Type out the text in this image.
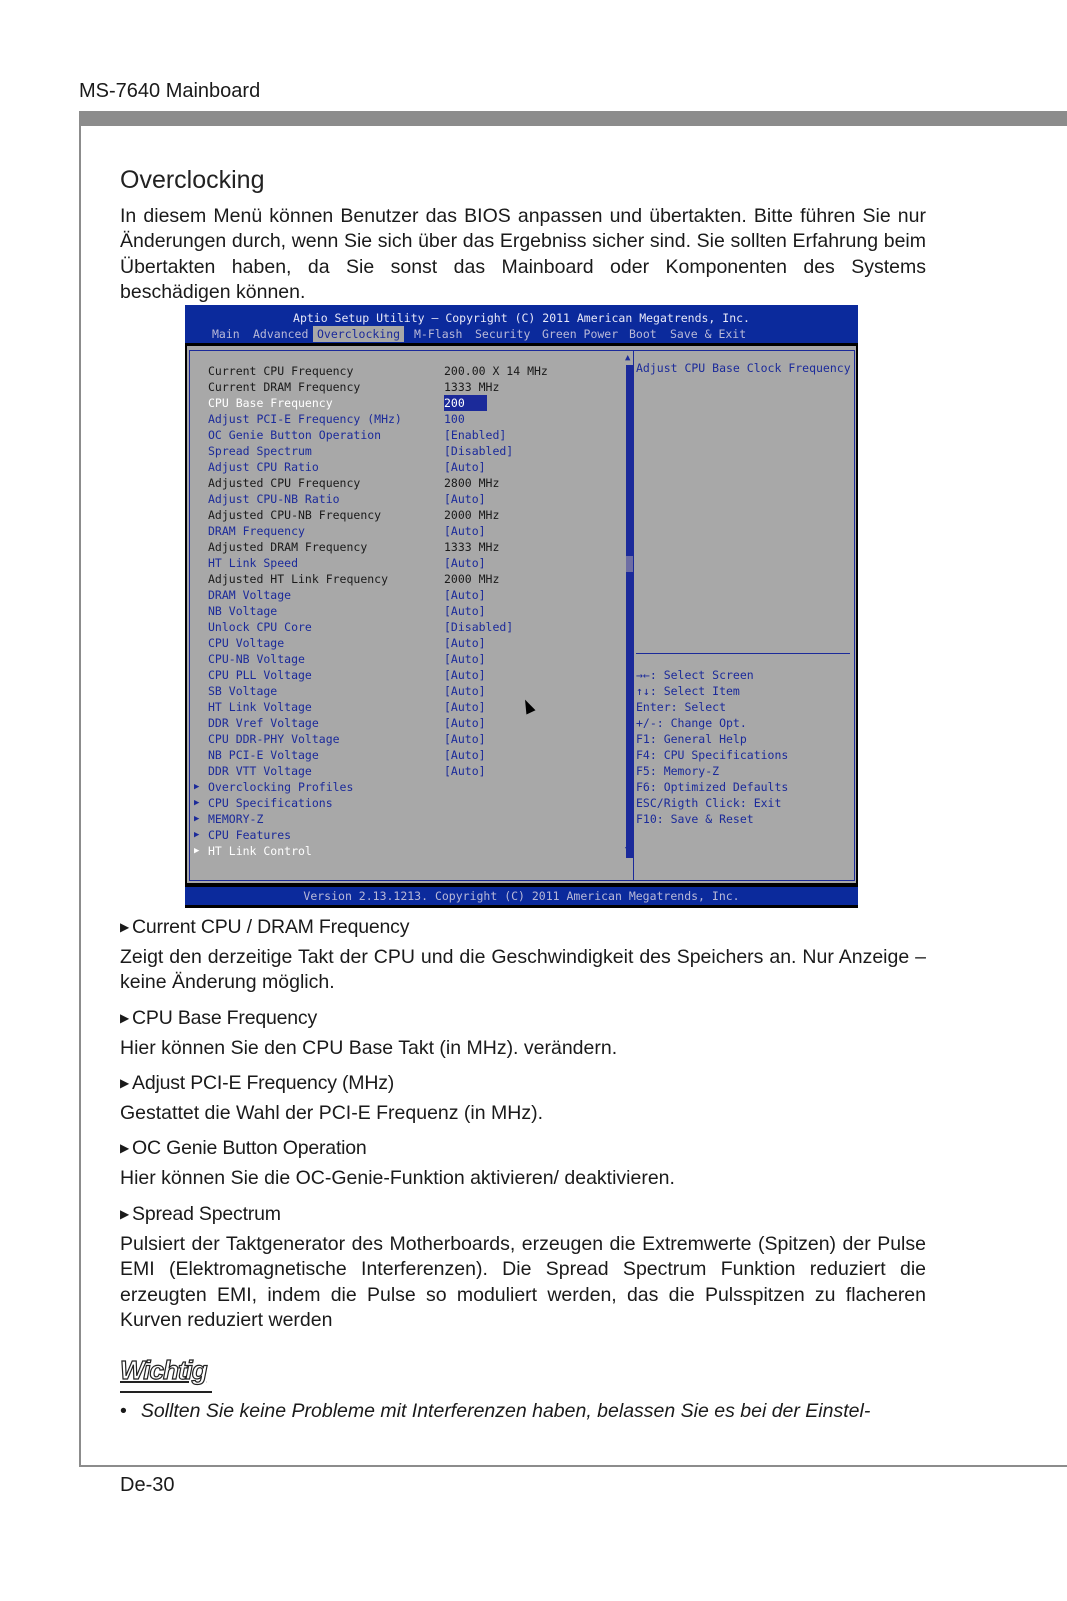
MS-7640 Mainboard
Overclocking

In diesem Menü können Benutzer das BIOS anpassen und übertakten. Bitte führen Sie nur Änderungen durch, wenn Sie sich über das Ergebniss sicher sind. Sie sollten Erfahrung beim Übertakten haben, da Sie sonst das Mainboard oder Komponenten des Systems beschädigen können.

Aptio Setup Utility – Copyright (C) 2011 American Megatrends, Inc.
Main Advanced Overclocking	M-Flash Security Green Power Boot Save & Exit
Current CPU Frequency	200.00 X 14 MHz
Current DRAM Frequency	1333 MHz
CPU Base Frequency	200
Adjust PCI-E Frequency (MHz)	100
OC Genie Button Operation	[Enabled]
Spread Spectrum	[Disabled]
Adjust CPU Ratio	[Auto]
Adjusted CPU Frequency	2800 MHz
Adjust CPU-NB Ratio	[Auto]
Adjusted CPU-NB Frequency	2000 MHz
DRAM Frequency	[Auto]
Adjusted DRAM Frequency	1333 MHz
HT Link Speed	[Auto]
Adjusted HT Link Frequency	2000 MHz
DRAM Voltage	[Auto]
NB Voltage	[Auto]
Unlock CPU Core	[Disabled]
CPU Voltage	[Auto]
CPU-NB Voltage	[Auto]
CPU PLL Voltage	[Auto]
SB Voltage	[Auto]
HT Link Voltage	[Auto]
DDR Vref Voltage	[Auto]
CPU DDR-PHY Voltage	[Auto]
NB PCI-E Voltage	[Auto]
DDR VTT Voltage	[Auto]
▶ Overclocking Profiles
▶ CPU Specifications
▶ MEMORY-Z
▶ CPU Features
▶ HT Link Control
▲
▼
Adjust CPU Base Clock Frequency
→←: Select Screen
↑↓: Select Item
Enter: Select
+/-: Change Opt.
F1: General Help
F4: CPU Specifications
F5: Memory-Z
F6: Optimized Defaults
ESC/Rigth Click: Exit
F10: Save & Reset
Version 2.13.1213. Copyright (C) 2011 American Megatrends, Inc.
▶ Current CPU / DRAM Frequency

Zeigt den derzeitige Takt der CPU und die Geschwindigkeit des Speichers an. Nur Anzeige – keine Änderung möglich.

▶ CPU Base Frequency

Hier können Sie den CPU Base Takt (in MHz). verändern.

▶ Adjust PCI-E Frequency (MHz)

Gestattet die Wahl der PCI-E Frequenz (in MHz).

▶ OC Genie Button Operation

Hier können Sie die OC-Genie-Funktion aktivieren/ deaktivieren.

▶ Spread Spectrum

Pulsiert der Taktgenerator des Motherboards, erzeugen die Extremwerte (Spitzen) der Pulse EMI (Elektromagnetische Interferenzen). Die Spread Spectrum Funktion reduziert die erzeugten EMI, indem die Pulse so moduliert werden, das die Pulsspitzen zu flacheren Kurven reduziert werden

Wichtig
• Sollten Sie keine Probleme mit Interferenzen haben, belassen Sie es bei der Einstel-
De-30
